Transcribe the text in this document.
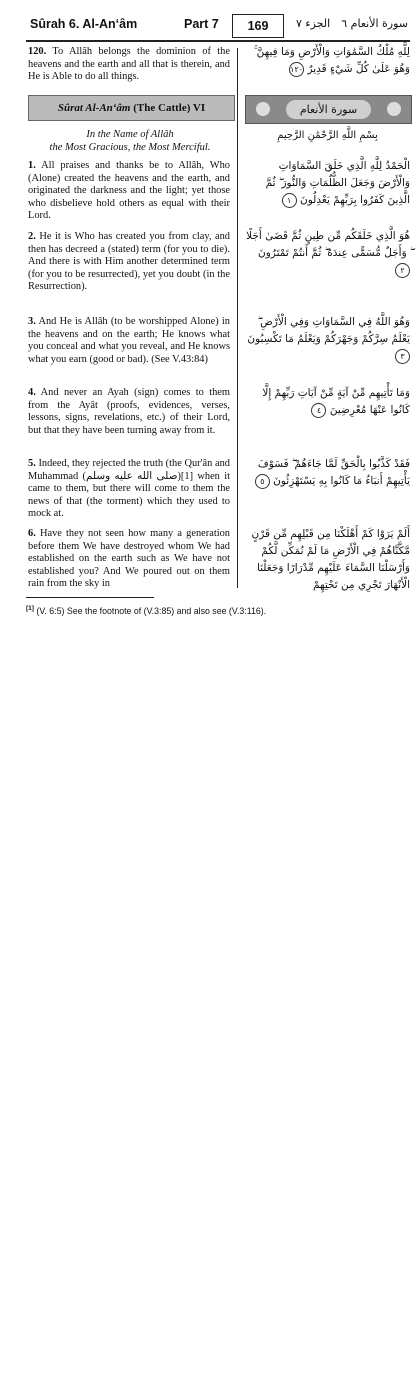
Sûrah 6. Al-An‘âm	Part 7	169	الجزء ٧ سورة الأنعام ٦
120. To Allâh belongs the dominion of the heavens and the earth and all that is therein, and He is Able to do all things.
لِلَّهِ مُلْكُ السَّمَٰوَاتِ وَالْأَرْضِ وَمَا فِيهِنَّ ۚ وَهُوَ عَلَىٰ كُلِّ شَيْءٍ قَدِيرٌ ١٢٠
Sûrat Al-An‘âm (The Cattle) VI	سورة الأنعام
In the Name of Allâh
the Most Gracious, the Most Merciful.
بِسْمِ اللَّهِ الرَّحْمَٰنِ الرَّحِيمِ
1. All praises and thanks be to Allâh, Who (Alone) created the heavens and the earth, and originated the darkness and the light; yet those who disbelieve hold others as equal with their Lord.
الْحَمْدُ لِلَّهِ الَّذِي خَلَقَ السَّمَاوَاتِ وَالْأَرْضَ وَجَعَلَ الظُّلُمَاتِ وَالنُّورَ ۖ ثُمَّ الَّذِينَ كَفَرُوا بِرَبِّهِمْ يَعْدِلُونَ ١
2. He it is Who has created you from clay, and then has decreed a (stated) term (for you to die). And there is with Him another determined term (for you to be resurrected), yet you doubt (in the Resurrection).
هُوَ الَّذِي خَلَقَكُم مِّن طِينٍ ثُمَّ قَضَىٰ أَجَلًا ۖ وَأَجَلٌ مُّسَمًّى عِندَهُ ۖ ثُمَّ أَنتُمْ تَمْتَرُونَ ٢
3. And He is Allâh (to be worshipped Alone) in the heavens and on the earth; He knows what you conceal and what you reveal, and He knows what you earn (good or bad). (See V.43:84)
وَهُوَ اللَّهُ فِي السَّمَاوَاتِ وَفِي الْأَرْضِ ۖ يَعْلَمُ سِرَّكُمْ وَجَهْرَكُمْ وَيَعْلَمُ مَا تَكْسِبُونَ ٣
4. And never an Ayah (sign) comes to them from the Ayât (proofs, evidences, verses, lessons, signs, revelations, etc.) of their Lord, but that they have been turning away from it.
وَمَا تَأْتِيهِم مِّنْ آيَةٍ مِّنْ آيَاتِ رَبِّهِمْ إِلَّا كَانُوا عَنْهَا مُعْرِضِينَ ٤
5. Indeed, they rejected the truth (the Qur'ân and Muhammad (صلى الله عليه وسلم)[1] when it came to them, but there will come to them the news of that (the torment) which they used to mock at.
فَقَدْ كَذَّبُوا بِالْحَقِّ لَمَّا جَاءَهُمْ ۖ فَسَوْفَ يَأْتِيهِمْ أَنبَاءُ مَا كَانُوا بِهِ يَسْتَهْزِئُونَ ٥
6. Have they not seen how many a generation before them We have destroyed whom We had established on the earth such as We have not established you? And We poured out on them rain from the sky in
أَلَمْ يَرَوْا كَمْ أَهْلَكْنَا مِن قَبْلِهِم مِّن قَرْنٍ مَّكَّنَّاهُمْ فِي الْأَرْضِ مَا لَمْ نُمَكِّن لَّكُمْ وَأَرْسَلْنَا السَّمَاءَ عَلَيْهِم مِّدْرَارًا وَجَعَلْنَا الْأَنْهَارَ تَجْرِي مِن تَحْتِهِمْ
[1] (V. 6:5) See the footnote of (V.3:85) and also see (V.3:116).
